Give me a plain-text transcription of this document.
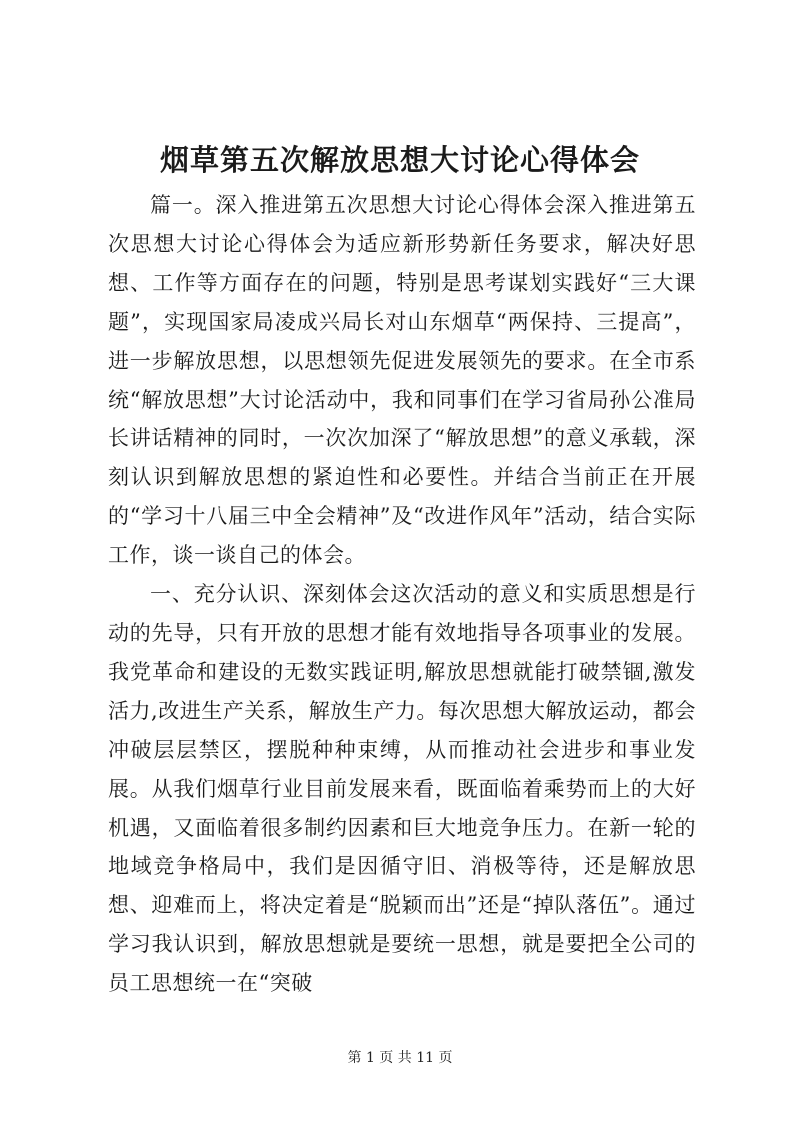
烟草第五次解放思想大讨论心得体会

篇一。深入推进第五次思想大讨论心得体会深入推进第五次思想大讨论心得体会为适应新形势新任务要求，解决好思想、工作等方面存在的问题，特别是思考谋划实践好“三大课题”，实现国家局凌成兴局长对山东烟草“两保持、三提高”，进一步解放思想，以思想领先促进发展领先的要求。在全市系统“解放思想”大讨论活动中，我和同事们在学习省局孙公准局长讲话精神的同时，一次次加深了“解放思想”的意义承载，深刻认识到解放思想的紧迫性和必要性。并结合当前正在开展的“学习十八届三中全会精神”及“改进作风年”活动，结合实际工作，谈一谈自己的体会。

一、充分认识、深刻体会这次活动的意义和实质思想是行动的先导，只有开放的思想才能有效地指导各项事业的发展。我党革命和建设的无数实践证明,解放思想就能打破禁锢,激发活力,改进生产关系，解放生产力。每次思想大解放运动，都会冲破层层禁区，摆脱种种束缚，从而推动社会进步和事业发展。从我们烟草行业目前发展来看，既面临着乘势而上的大好机遇，又面临着很多制约因素和巨大地竞争压力。在新一轮的地域竞争格局中，我们是因循守旧、消极等待，还是解放思想、迎难而上，将决定着是“脱颖而出”还是“掉队落伍”。通过学习我认识到，解放思想就是要统一思想，就是要把全公司的员工思想统一在“突破

第 1 页 共 11 页
